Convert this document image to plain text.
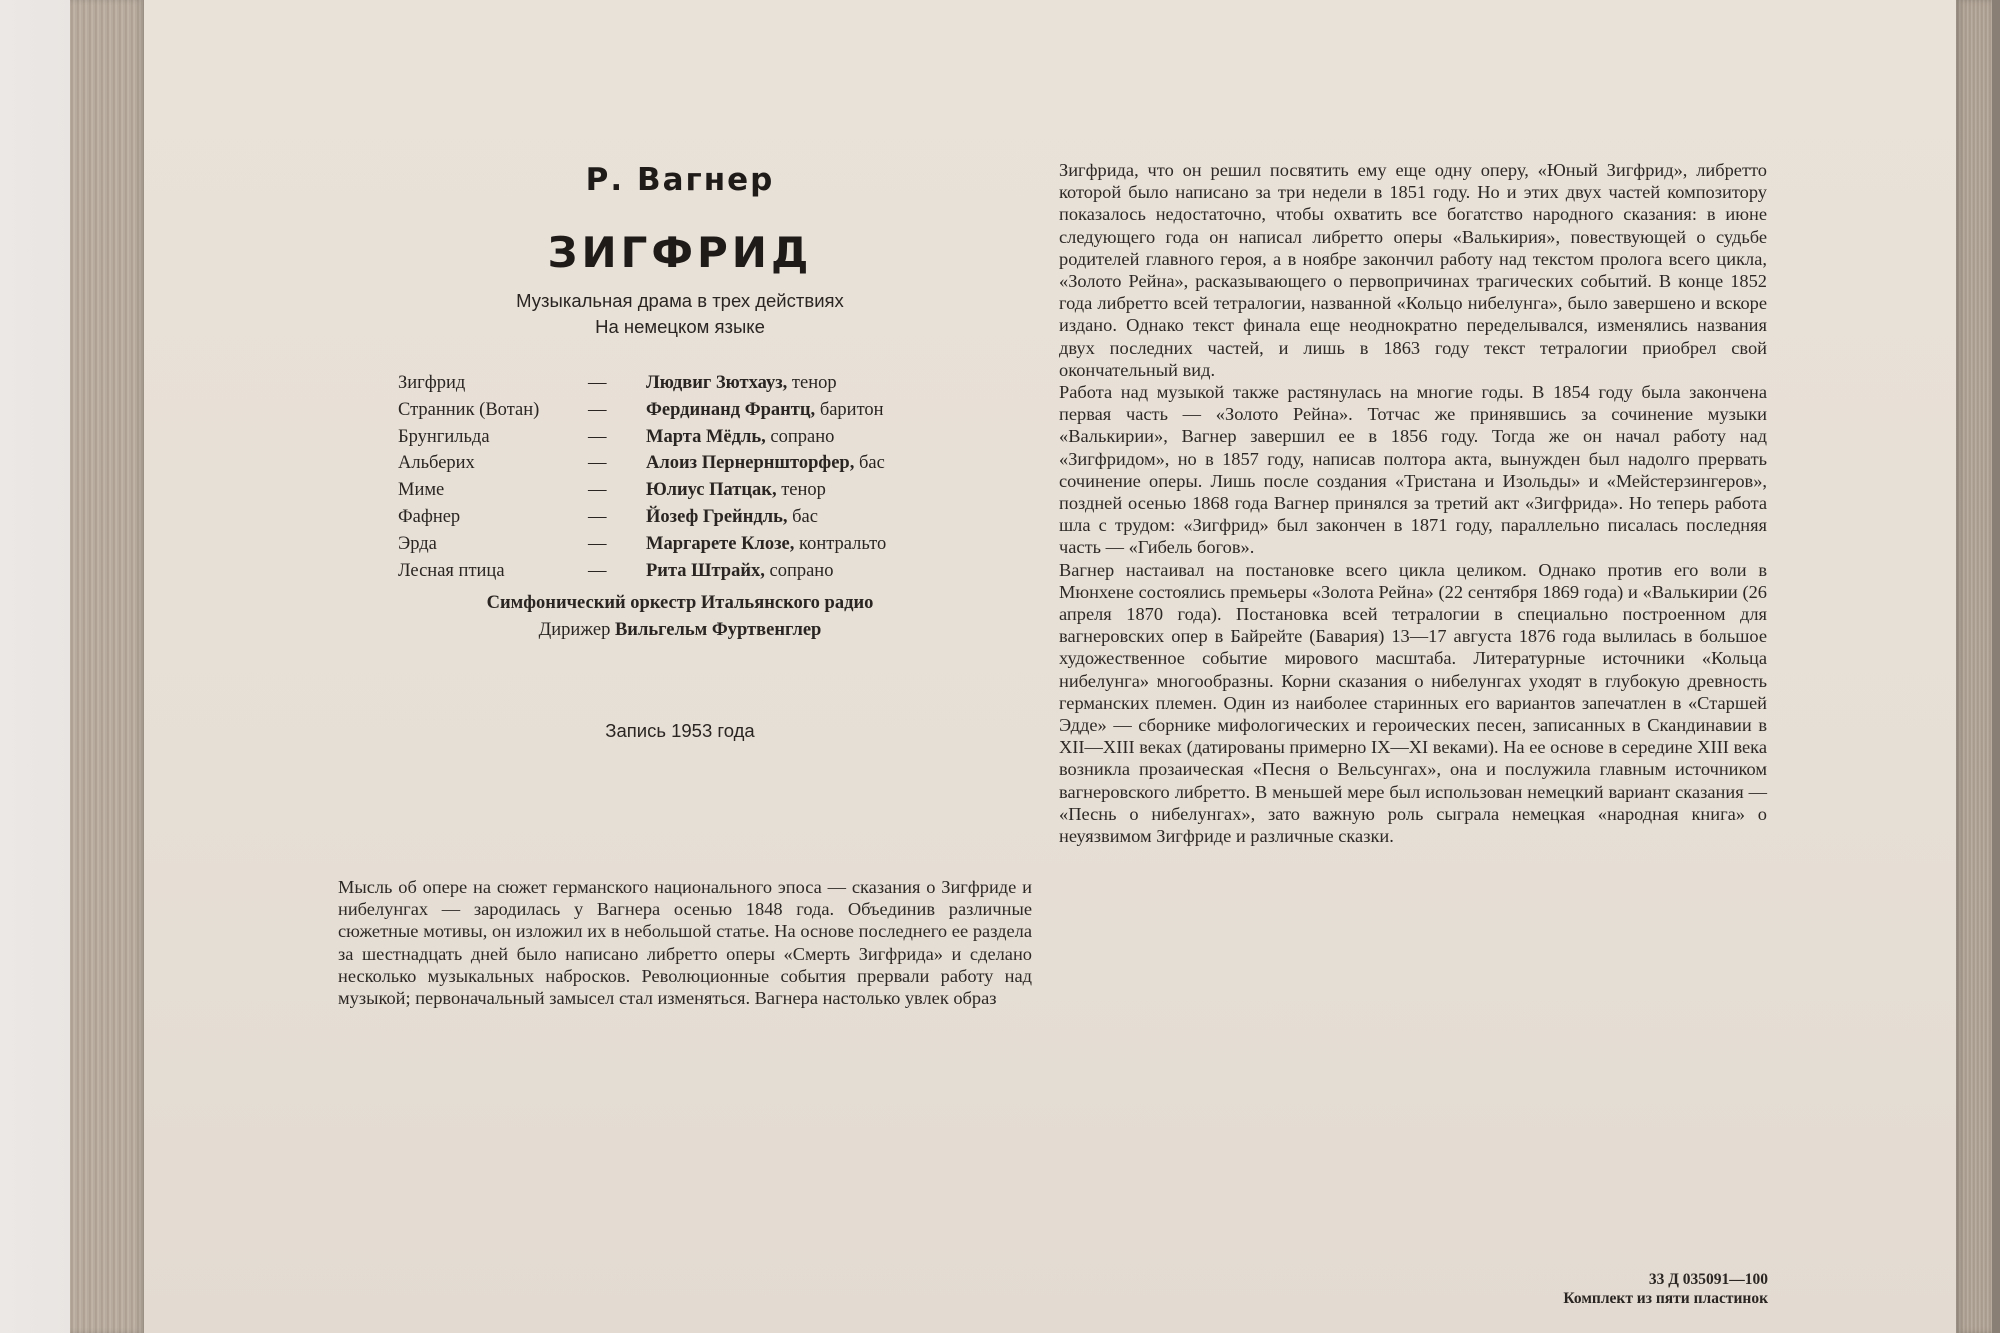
Р. Вагнер
ЗИГФРИД
Музыкальная драма в трех действиях
На немецком языке
Зигфрид	— Людвиг Зютхауз, тенор
Странник (Вотан)	— Фердинанд Франтц, баритон
Брунгильда	— Марта Мёдль, сопрано
Альберих	— Алоиз Пернерншторфер, бас
Миме	— Юлиус Патцак, тенор
Фафнер	— Йозеф Грейндль, бас
Эрда	— Маргарете Клозе, контральто
Лесная птица	— Рита Штрайх, сопрано
Симфонический оркестр Итальянского радио
Дирижер Вильгельм Фуртвенглер
Запись 1953 года

Мысль об опере на сюжет германского национального эпоса — сказания о Зигфриде и нибелунгах — зародилась у Вагнера осенью 1848 года. Объединив различные сюжетные мотивы, он изложил их в небольшой статье. На основе последнего ее раздела за шестнадцать дней было написано либретто оперы «Смерть Зигфрида» и сделано несколько музыкальных набросков. Революционные события прервали работу над музыкой; первоначальный замысел стал изменяться. Вагнера настолько увлек образ

Зигфрида, что он решил посвятить ему еще одну оперу, «Юный Зигфрид», либретто которой было написано за три недели в 1851 году. Но и этих двух частей композитору показалось недостаточно, чтобы охватить все богатство народного сказания: в июне следующего года он написал либретто оперы «Валькирия», повествующей о судьбе родителей главного героя, а в ноябре закончил работу над текстом пролога всего цикла, «Золото Рейна», расказывающего о первопричинах трагических событий. В конце 1852 года либретто всей тетралогии, названной «Кольцо нибелунга», было завершено и вскоре издано. Однако текст финала еще неоднократно переделывался, изменялись названия двух последних частей, и лишь в 1863 году текст тетралогии приобрел свой окончательный вид.

Работа над музыкой также растянулась на многие годы. В 1854 году была закончена первая часть — «Золото Рейна». Тотчас же принявшись за сочинение музыки «Валькирии», Вагнер завершил ее в 1856 году. Тогда же он начал работу над «Зигфридом», но в 1857 году, написав полтора акта, вынужден был надолго прервать сочинение оперы. Лишь после создания «Тристана и Изольды» и «Мейстерзингеров», поздней осенью 1868 года Вагнер принялся за третий акт «Зигфрида». Но теперь работа шла с трудом: «Зигфрид» был закончен в 1871 году, параллельно писалась последняя часть — «Гибель богов».

Вагнер настаивал на постановке всего цикла целиком. Однако против его воли в Мюнхене состоялись премьеры «Золота Рейна» (22 сентября 1869 года) и «Валькирии (26 апреля 1870 года). Постановка всей тетралогии в специально построенном для вагнеровских опер в Байрейте (Бавария) 13—17 августа 1876 года вылилась в большое художественное событие мирового масштаба. Литературные источники «Кольца нибелунга» многообразны. Корни сказания о нибелунгах уходят в глубокую древность германских племен. Один из наиболее старинных его вариантов запечатлен в «Старшей Эдде» — сборнике мифологических и героических песен, записанных в Скандинавии в XII—XIII веках (датированы примерно IX—XI веками). На ее основе в середине XIII века возникла прозаическая «Песня о Вельсунгах», она и послужила главным источником вагнеровского либретто. В меньшей мере был использован немецкий вариант сказания — «Песнь о нибелунгах», зато важную роль сыграла немецкая «народная книга» о неуязвимом Зигфриде и различные сказки.

33 Д 035091—100
Комплект из пяти пластинок
